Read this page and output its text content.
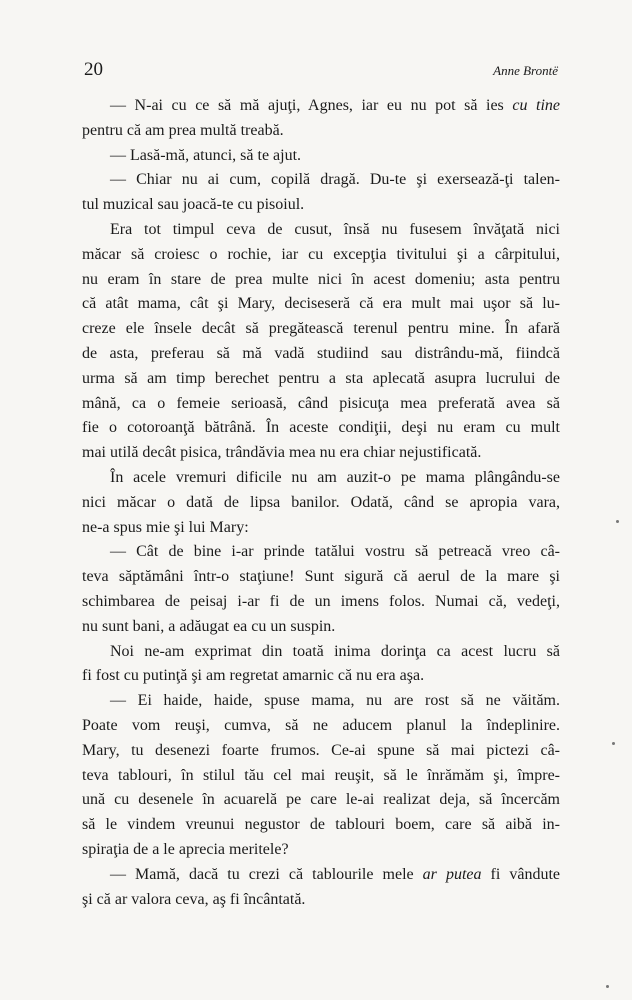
20	Anne Brontë
— N-ai cu ce să mă ajuţi, Agnes, iar eu nu pot să ies cu tine
pentru că am prea multă treabă.
— Lasă-mă, atunci, să te ajut.
— Chiar nu ai cum, copilă dragă. Du-te şi exersează-ţi talen-
tul muzical sau joacă-te cu pisoiul.
Era tot timpul ceva de cusut, însă nu fusesem învăţată nici
măcar să croiesc o rochie, iar cu excepţia tivitului şi a cârpitului,
nu eram în stare de prea multe nici în acest domeniu; asta pentru
că atât mama, cât şi Mary, deciseseră că era mult mai uşor să lu-
creze ele însele decât să pregătească terenul pentru mine. În afară
de asta, preferau să mă vadă studiind sau distrându-mă, fiindcă
urma să am timp berechet pentru a sta aplecată asupra lucrului de
mână, ca o femeie serioasă, când pisicuţa mea preferată avea să
fie o cotoroanţă bătrână. În aceste condiţii, deşi nu eram cu mult
mai utilă decât pisica, trândăvia mea nu era chiar nejustificată.
În acele vremuri dificile nu am auzit-o pe mama plângându-se
nici măcar o dată de lipsa banilor. Odată, când se apropia vara,
ne-a spus mie şi lui Mary:
— Cât de bine i-ar prinde tatălui vostru să petreacă vreo câ-
teva săptămâni într-o staţiune! Sunt sigură că aerul de la mare şi
schimbarea de peisaj i-ar fi de un imens folos. Numai că, vedeţi,
nu sunt bani, a adăugat ea cu un suspin.
Noi ne-am exprimat din toată inima dorinţa ca acest lucru să
fi fost cu putinţă şi am regretat amarnic că nu era aşa.
— Ei haide, haide, spuse mama, nu are rost să ne văităm.
Poate vom reuşi, cumva, să ne aducem planul la îndeplinire.
Mary, tu desenezi foarte frumos. Ce-ai spune să mai pictezi câ-
teva tablouri, în stilul tău cel mai reuşit, să le înrămăm şi, împre-
ună cu desenele în acuarelă pe care le-ai realizat deja, să încercăm
să le vindem vreunui negustor de tablouri boem, care să aibă in-
spiraţia de a le aprecia meritele?
— Mamă, dacă tu crezi că tablourile mele ar putea fi vândute
şi că ar valora ceva, aş fi încântată.
